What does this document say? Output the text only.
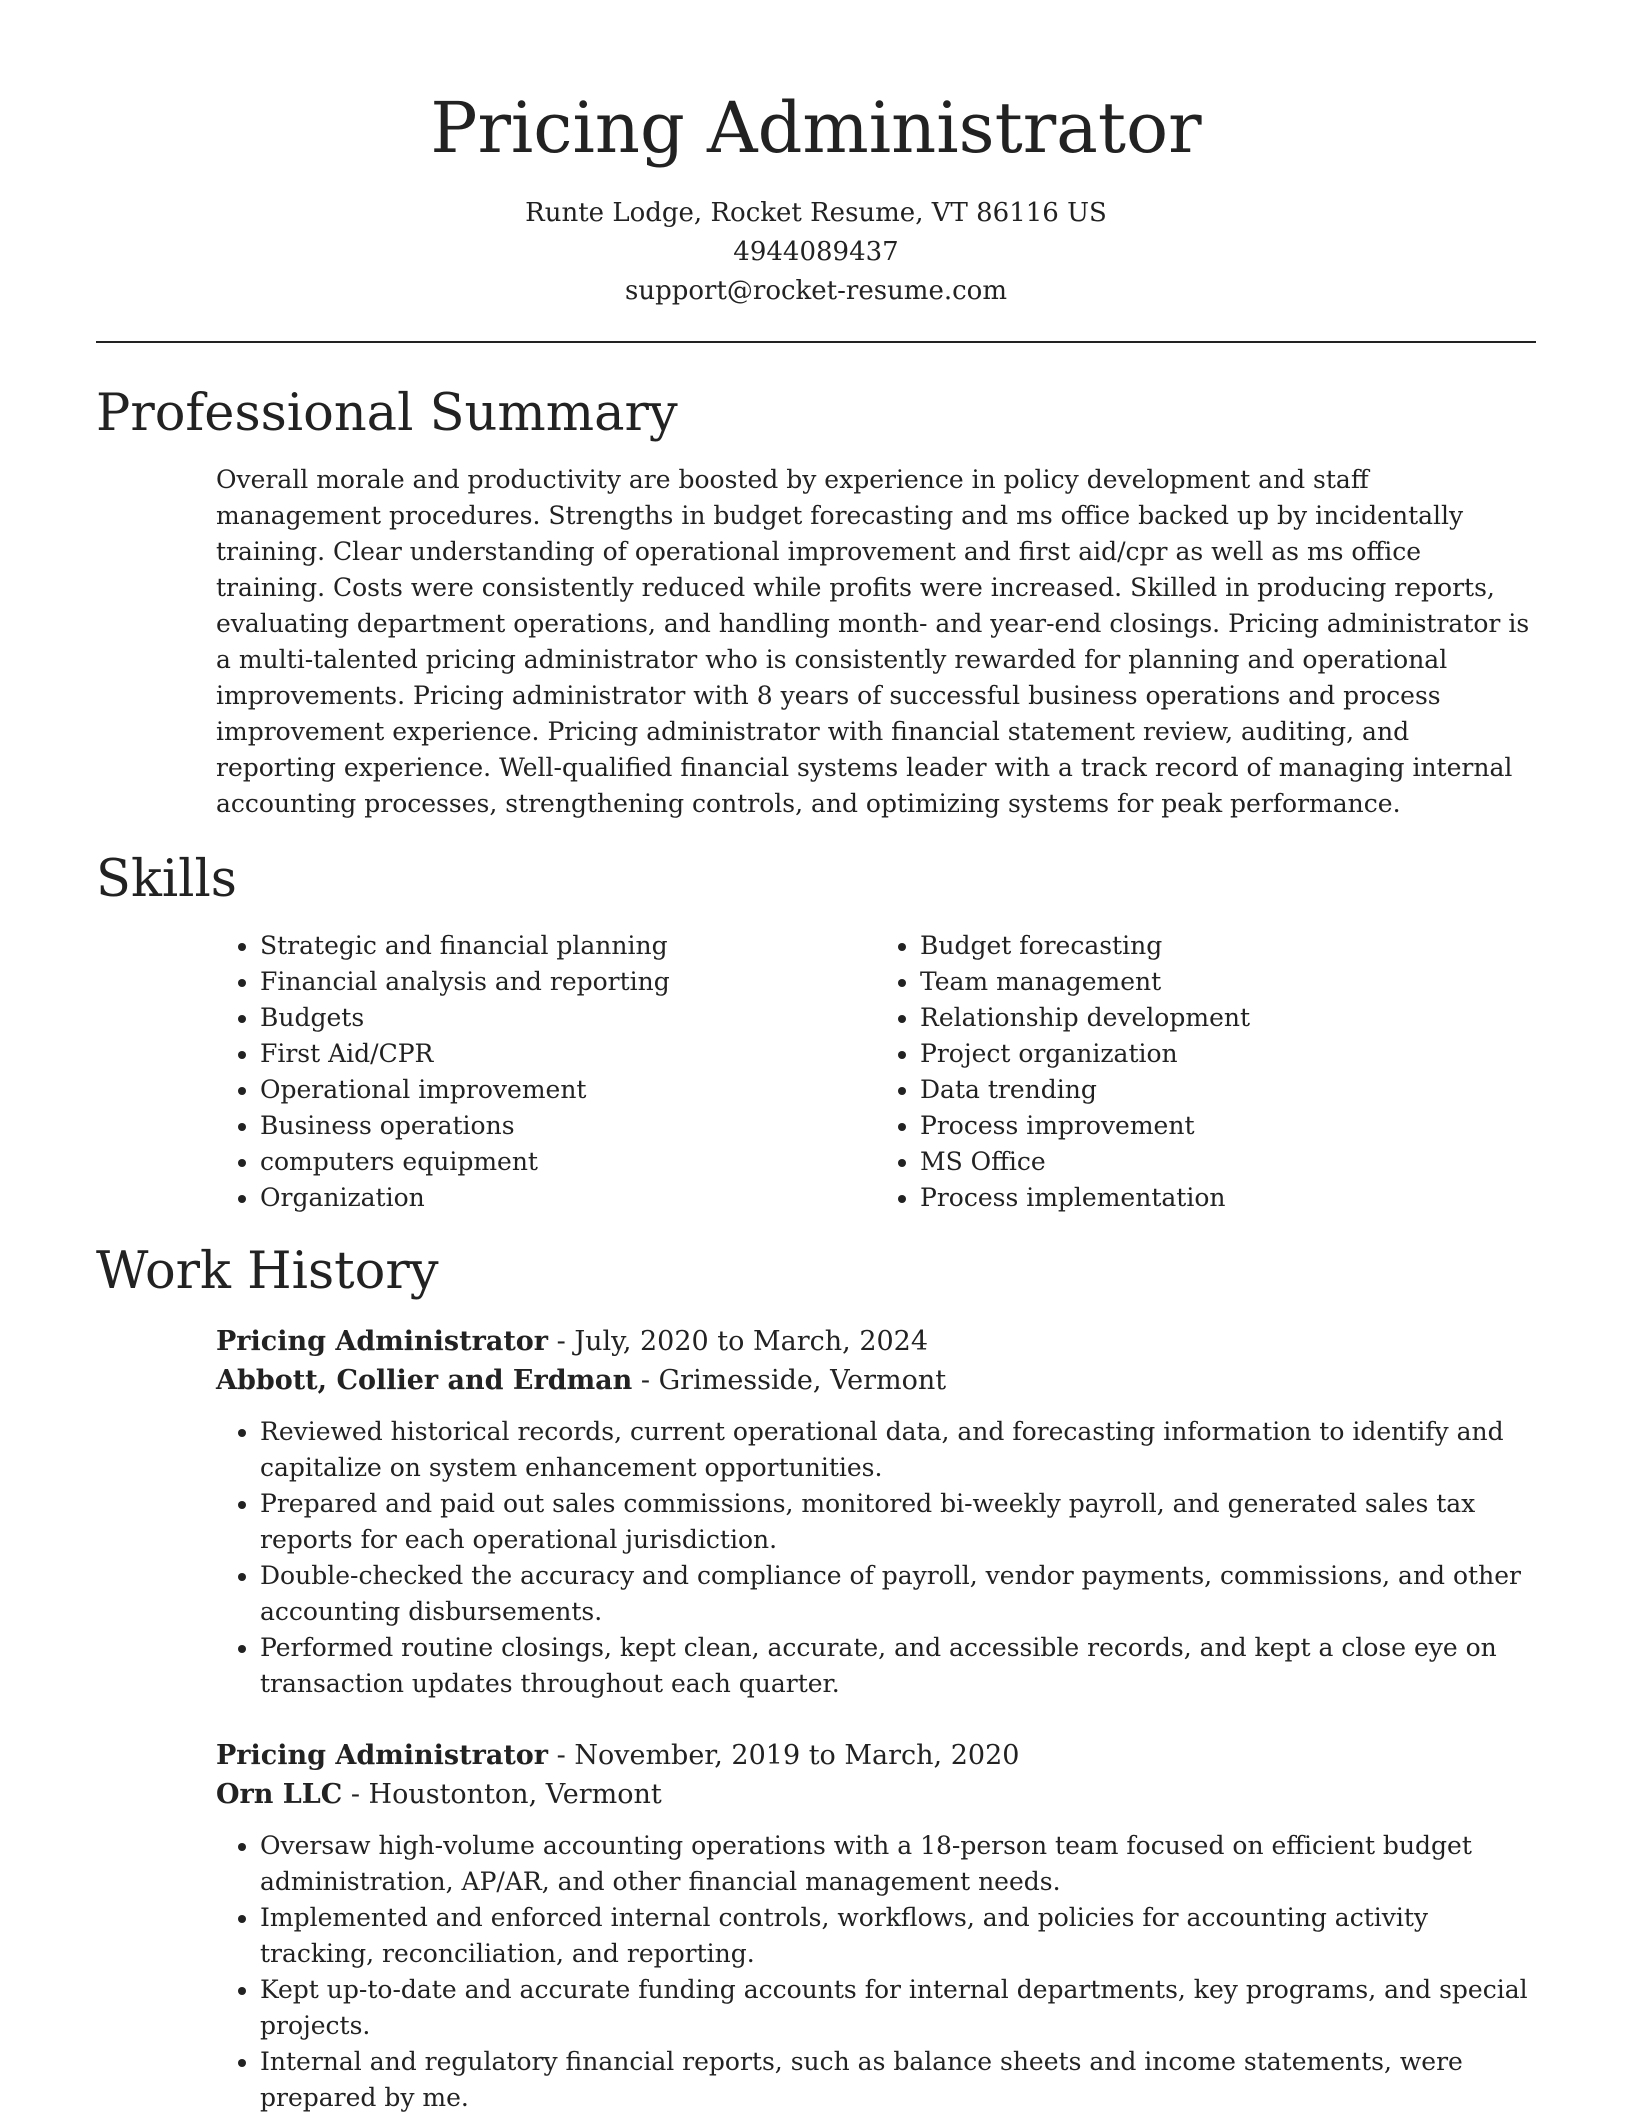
Pricing Administrator
Runte Lodge, Rocket Resume, VT 86116 US
4944089437
support@rocket-resume.com
Professional Summary

Overall morale and productivity are boosted by experience in policy development and staff management procedures. Strengths in budget forecasting and ms office backed up by incidentally training. Clear understanding of operational improvement and first aid/cpr as well as ms office training. Costs were consistently reduced while profits were increased. Skilled in producing reports, evaluating department operations, and handling month- and year-end closings. Pricing administrator is a multi-talented pricing administrator who is consistently rewarded for planning and operational improvements. Pricing administrator with 8 years of successful business operations and process improvement experience. Pricing administrator with financial statement review, auditing, and reporting experience. Well-qualified financial systems leader with a track record of managing internal accounting processes, strengthening controls, and optimizing systems for peak performance.

Skills
• Strategic and financial planning
• Financial analysis and reporting
• Budgets
• First Aid/CPR
• Operational improvement
• Business operations
• computers equipment
• Organization
• Budget forecasting
• Team management
• Relationship development
• Project organization
• Data trending
• Process improvement
• MS Office
• Process implementation
Work History
Pricing Administrator - July, 2020 to March, 2024
Abbott, Collier and Erdman - Grimesside, Vermont
• Reviewed historical records, current operational data, and forecasting information to identify and capitalize on system enhancement opportunities.
• Prepared and paid out sales commissions, monitored bi-weekly payroll, and generated sales tax reports for each operational jurisdiction.
• Double-checked the accuracy and compliance of payroll, vendor payments, commissions, and other accounting disbursements.
• Performed routine closings, kept clean, accurate, and accessible records, and kept a close eye on transaction updates throughout each quarter.
Pricing Administrator - November, 2019 to March, 2020
Orn LLC - Houstonton, Vermont
• Oversaw high-volume accounting operations with a 18-person team focused on efficient budget administration, AP/AR, and other financial management needs.
• Implemented and enforced internal controls, workflows, and policies for accounting activity tracking, reconciliation, and reporting.
• Kept up-to-date and accurate funding accounts for internal departments, key programs, and special projects.
• Internal and regulatory financial reports, such as balance sheets and income statements, were prepared by me.
